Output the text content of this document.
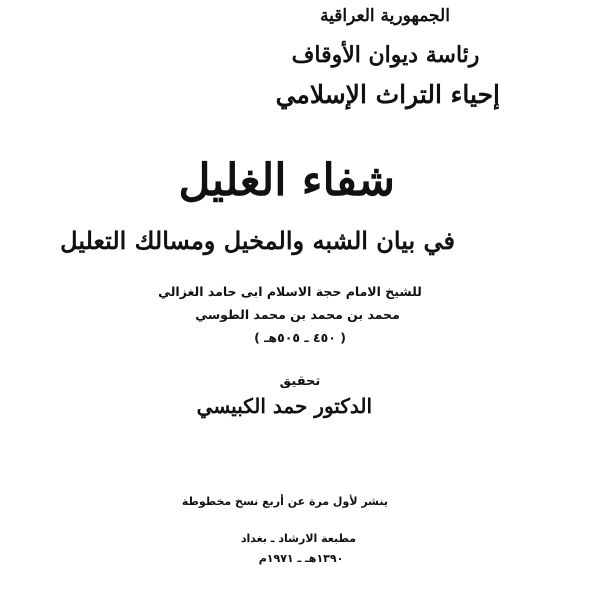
الجمهورية العراقية
رئاسة ديوان الأوقاف
إحياء التراث الإسلامي
شفاء الغليل
في بيان الشبه والمخيل ومسالك التعليل
للشيخ الامام حجة الاسلام ابى حامد الغزالي
محمد بن محمد بن محمد الطوسي
( ٤٥٠ ـ ٥٠٥هـ )
تحقيق
الدكتور حمد الكبيسي
ينشر لأول مرة عن أربع نسخ مخطوطة
مطبعة الارشاد ـ بغداد
١٣٩٠هـ ـ ١٩٧١م
